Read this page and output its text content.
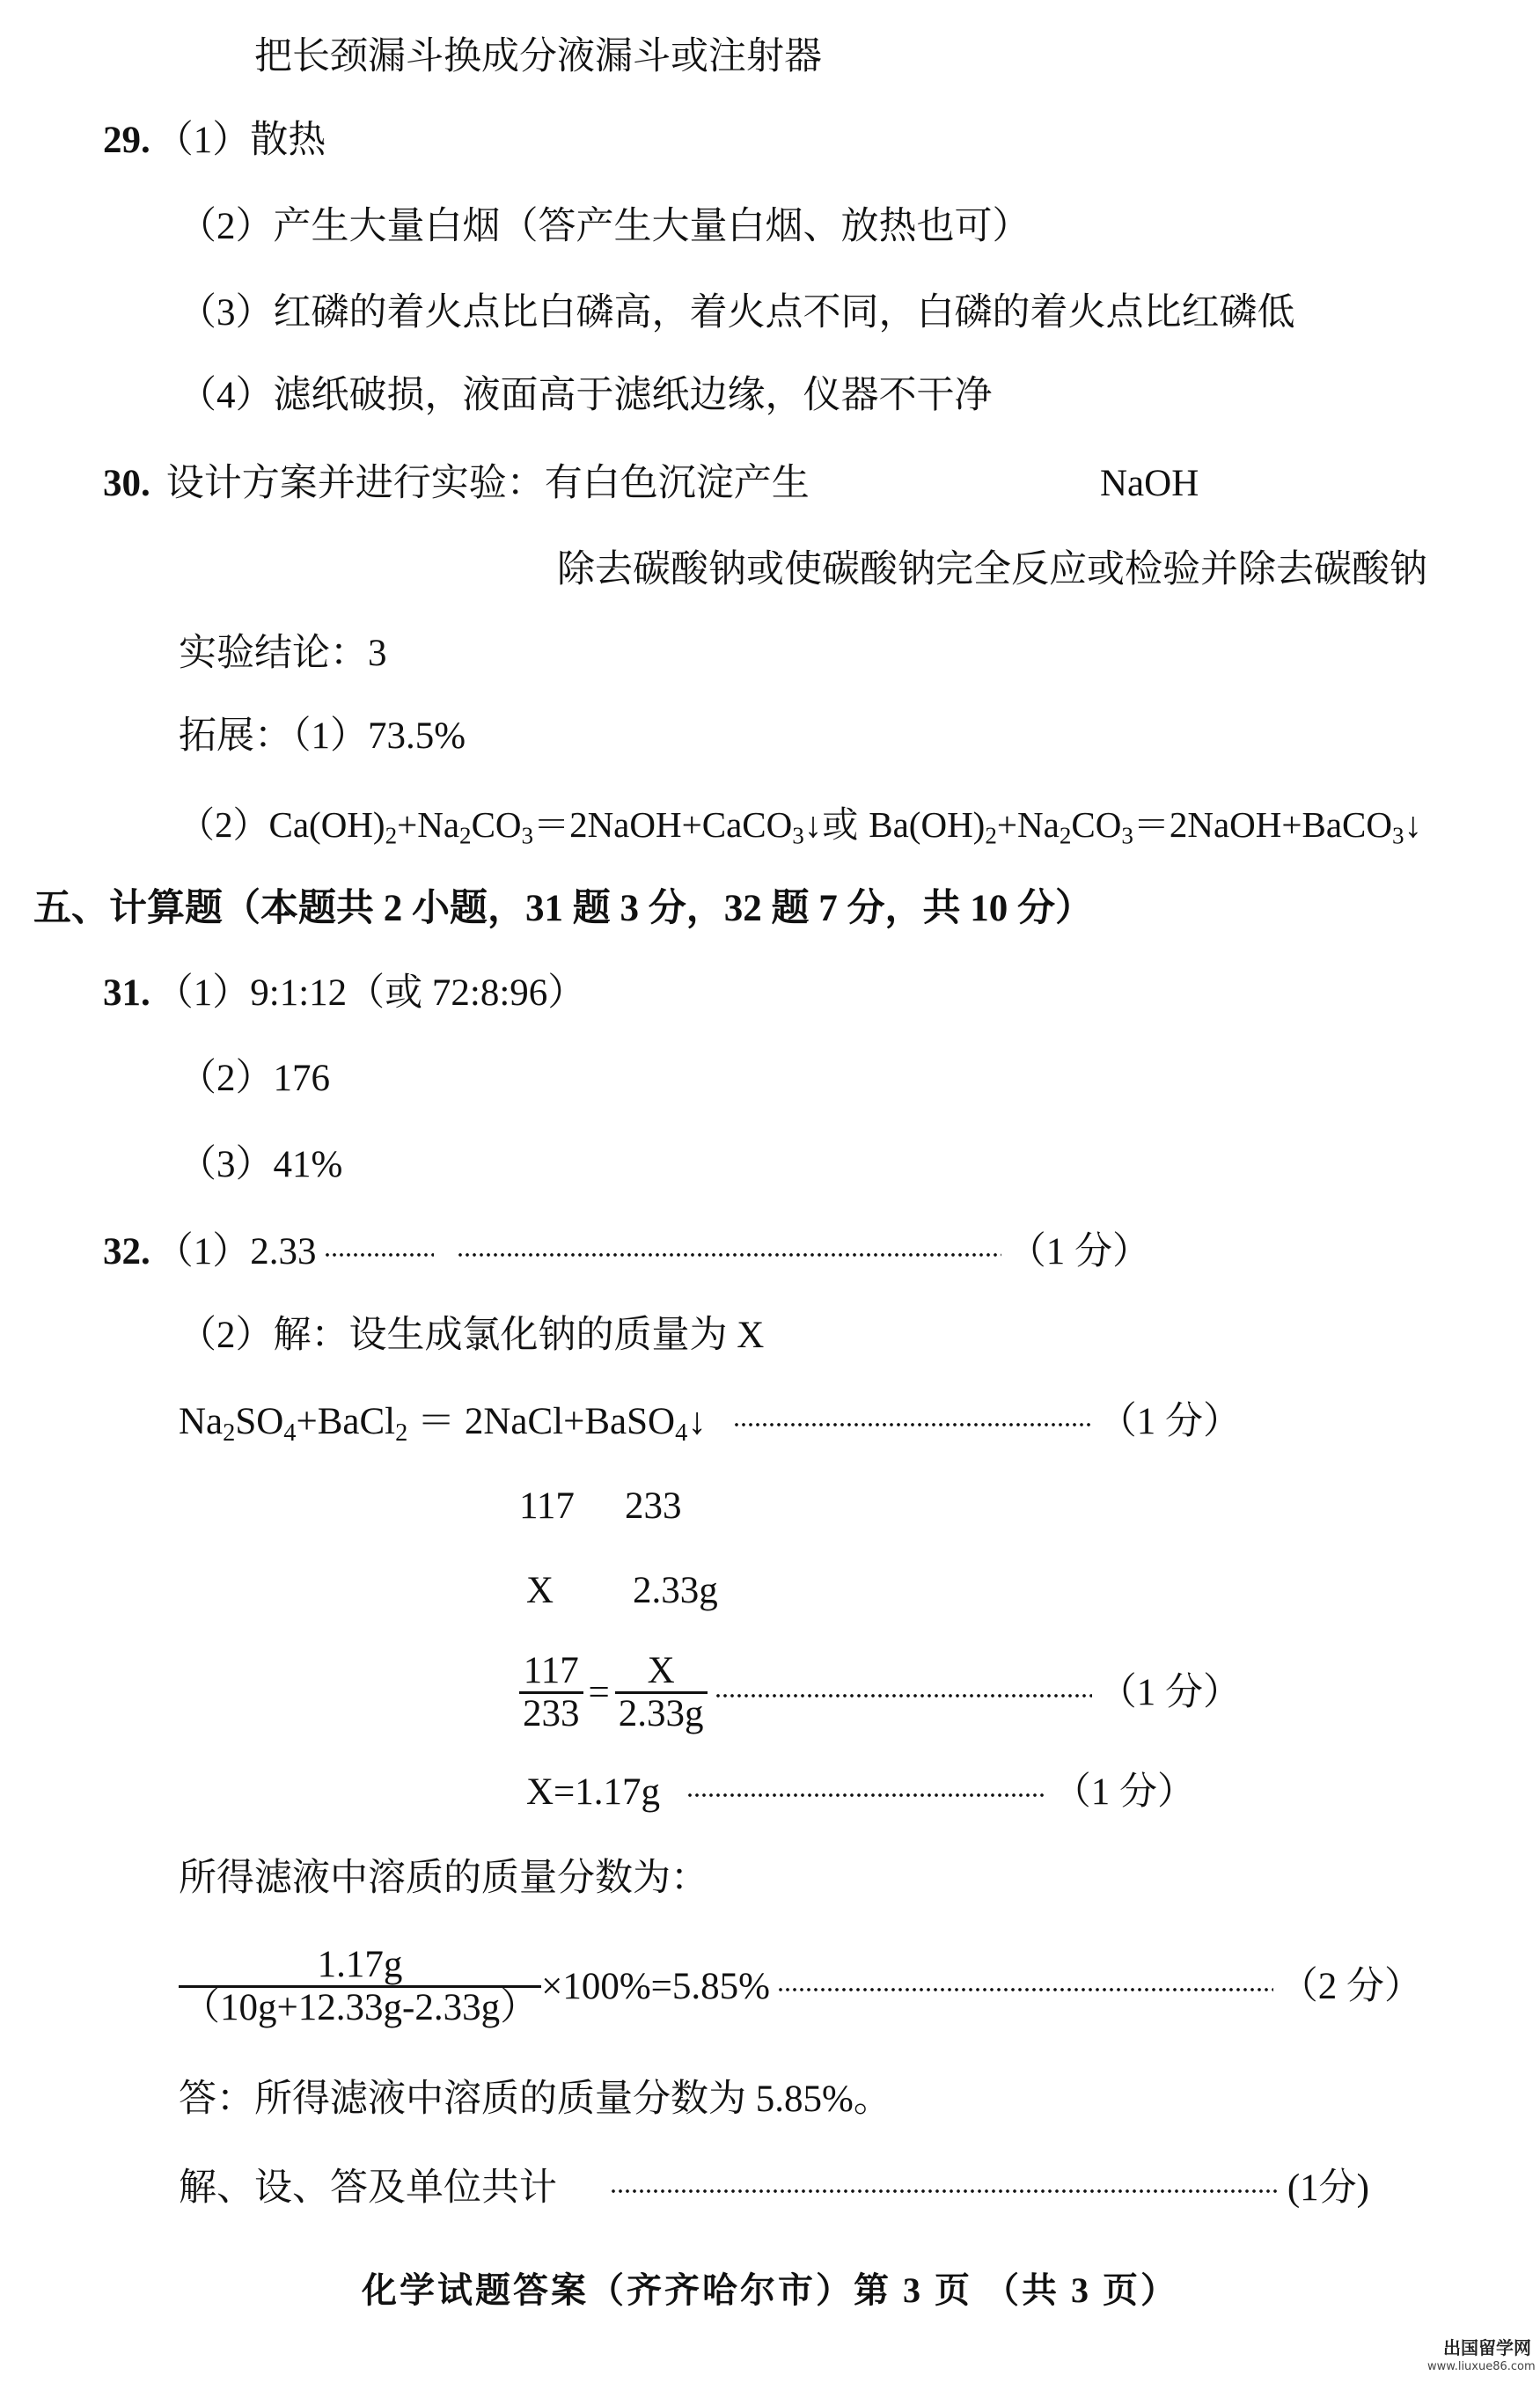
把长颈漏斗换成分液漏斗或注射器
29. （1）散热
（2）产生大量白烟（答产生大量白烟、放热也可）
（3）红磷的着火点比白磷高，着火点不同，白磷的着火点比红磷低
（4）滤纸破损，液面高于滤纸边缘，仪器不干净
30. 设计方案并进行实验：有白色沉淀产生	NaOH
除去碳酸钠或使碳酸钠完全反应或检验并除去碳酸钠
实验结论：3
拓展：（1）73.5%
$(2)Ca(OH)_2+Na_2CO_3=2NaOH+CaCO_3↓$或 $Ba(OH)_2+Na_2CO_3=2NaOH+BaCO_3↓$
五、计算题（本题共 2 小题，31 题 3 分，32 题 7 分，共 10 分）
31. （1）9:1:12（或 72:8:96）
（2）176
（3）41%
32. （1）2.33	（1 分）
（2）解：设生成氯化钠的质量为 X
$Na_2SO_4+BaCl_2$ ＝ 2NaCl+BaSO$_4$↓	（1 分）
117 233
X 2.33g
$\frac{117}{233} = \frac{X}{2.33g}$	（1 分）
X=1.17g	（1 分）
所得滤液中溶质的质量分数为：
$\frac{1.17g}{(10g+12.33g-2.33g)} \times 100\%=5.85\%$	（2 分）
答：所得滤液中溶质的质量分数为 5.85%。
解、设、答及单位共计	(1分)
化学试题答案（齐齐哈尔市）第 3 页 （共 3 页）
出国留学网
www.liuxue86.com
